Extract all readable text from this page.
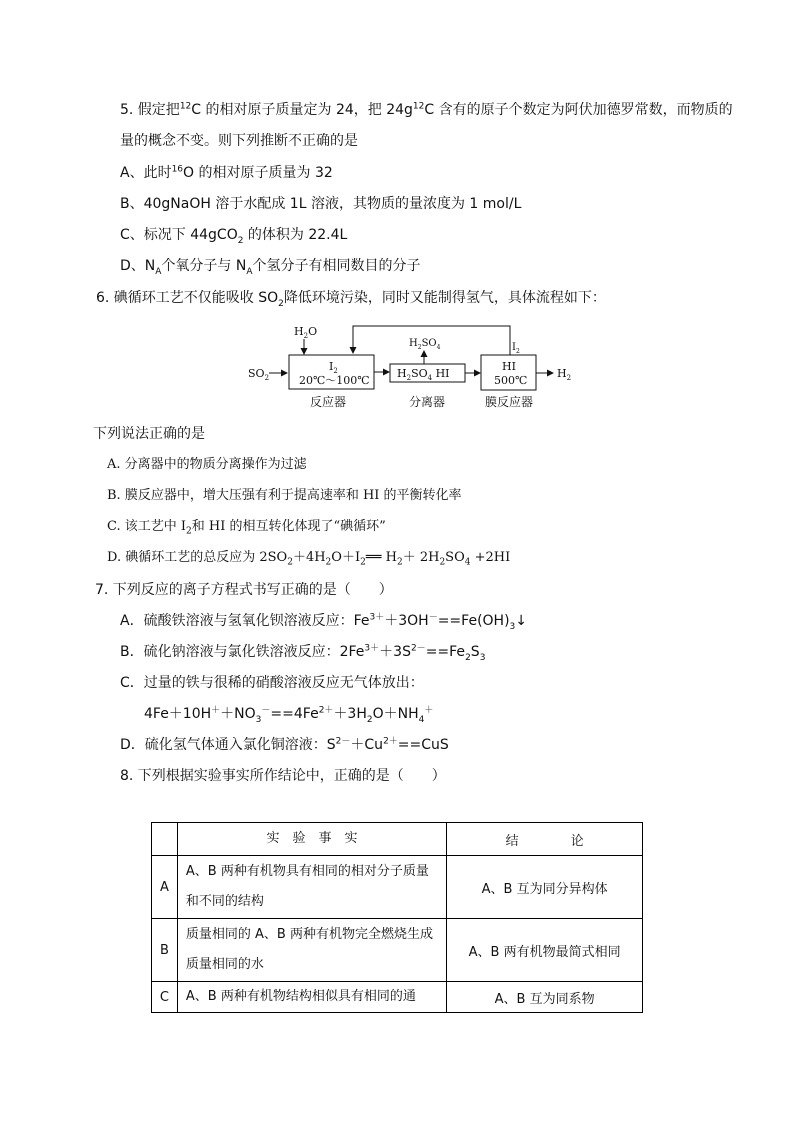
5. 假定把$^{12}$C 的相对原子质量定为 24，把 $24g^{12}C$ 含有的原子个数定为阿伏加德罗常数，而物质的
量的概念不变。则下列推断不正确的是
A、此时$^{16}$O 的相对原子质量为 32
B、40gNaOH 溶于水配成 1L 溶液，其物质的量浓度为 1 mol/L
C、标况下 44gCO$_2$ 的体积为 22.4L
D、$N_A$个氧分子与 $N_A$个氢分子有相同数目的分子
6. 碘循环工艺不仅能吸收 $SO_2$降低环境污染，同时又能制得氢气，具体流程如下：
$SO_2$
$H_2O$
$I_2$
20℃～100℃
反应器
$H_2SO_4$
$H_2SO_4$ HI
分离器
$I_2$
HI
500℃
膜反应器
$H_2$
下列说法正确的是
A. 分离器中的物质分离操作为过滤
B. 膜反应器中，增大压强有利于提高速率和 HI 的平衡转化率
C. 该工艺中 $I_2$和 HI 的相互转化体现了“碘循环”
D. 碘循环工艺的总反应为 $2SO_2+4H_2O+I_2══$ $H_2+ 2H_2SO_4 +2HI$
7. 下列反应的离子方程式书写正确的是（　　）
A．硫酸铁溶液与氢氧化钡溶液反应：$Fe^{3+}+3OH^-==Fe(OH)_3↓$
B．硫化钠溶液与氯化铁溶液反应：$2Fe^{3+}+3S^{2-}==Fe_2S_3$
C．过量的铁与很稀的硝酸溶液反应无气体放出：
$4Fe+10H^++NO_3^-==4Fe^{2+}+3H_2O+NH_4^+$
D．硫化氢气体通入氯化铜溶液：$S^{2-}+Cu^{2+}==CuS$
8. 下列根据实验事实所作结论中，正确的是（　　）
	实　验　事　实	结　　　　论
A	A、B 两种有机物具有相同的相对分子质量和不同的结构	A、B 互为同分异构体
B	质量相同的 A、B 两种有机物完全燃烧生成质量相同的水	A、B 两有机物最简式相同
C	A、B 两种有机物结构相似具有相同的通	A、B 互为同系物
